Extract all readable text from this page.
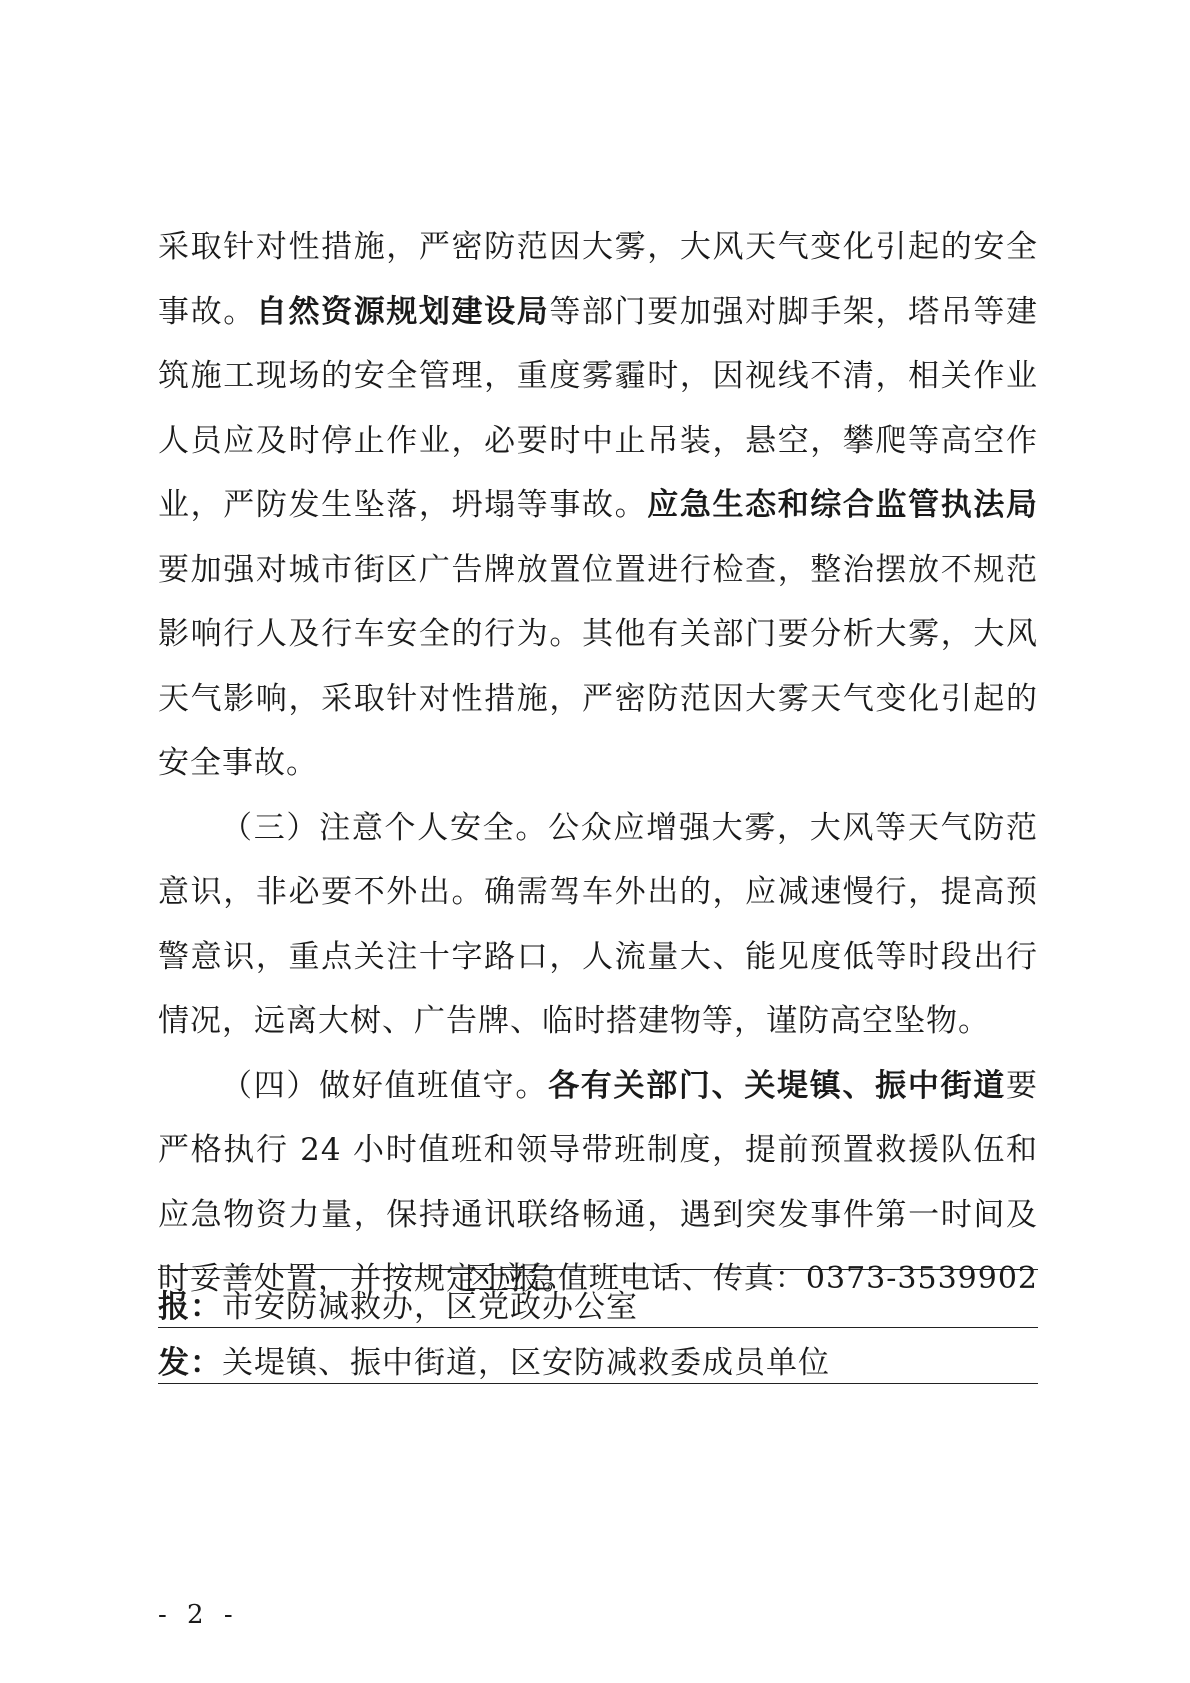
采取针对性措施，严密防范因大雾，大风天气变化引起的安全事故。自然资源规划建设局等部门要加强对脚手架，塔吊等建筑施工现场的安全管理，重度雾霾时，因视线不清，相关作业人员应及时停止作业，必要时中止吊装，悬空，攀爬等高空作业，严防发生坠落，坍塌等事故。应急生态和综合监管执法局要加强对城市街区广告牌放置位置进行检查，整治摆放不规范影响行人及行车安全的行为。其他有关部门要分析大雾，大风天气影响，采取针对性措施，严密防范因大雾天气变化引起的安全事故。

（三）注意个人安全。公众应增强大雾，大风等天气防范意识，非必要不外出。确需驾车外出的，应减速慢行，提高预警意识，重点关注十字路口，人流量大、能见度低等时段出行情况，远离大树、广告牌、临时搭建物等，谨防高空坠物。

（四）做好值班值守。各有关部门、关堤镇、振中街道要严格执行 24 小时值班和领导带班制度，提前预置救援队伍和应急物资力量，保持通讯联络畅通，遇到突发事件第一时间及时妥善处置，并按规定上报。

区应急值班电话、传真：0373-3539902

报：市安防减救办，区党政办公室

发：关堤镇、振中街道，区安防减救委成员单位

- 2 -
